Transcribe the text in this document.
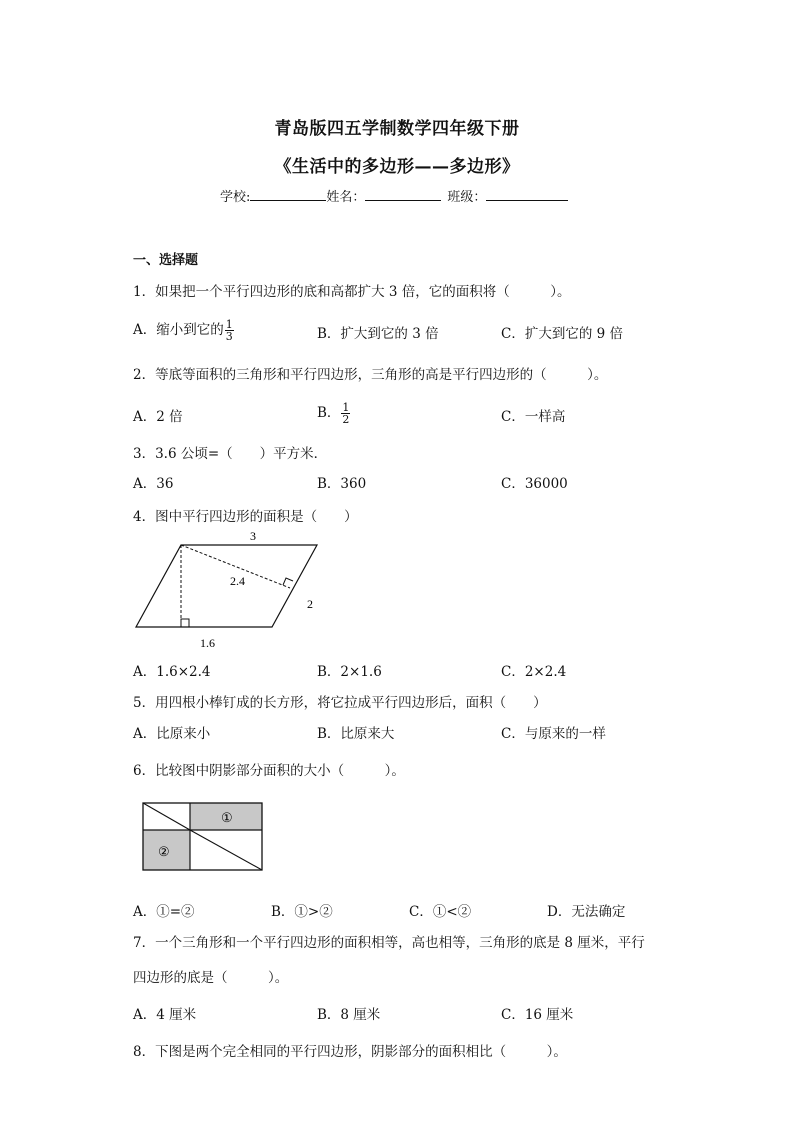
青岛版四五学制数学四年级下册
《生活中的多边形——多边形》
学校:	姓名：	班级：
一、选择题
1．如果把一个平行四边形的底和高都扩大 3 倍，它的面积将（　　　）。
A．缩小到它的 $\frac{1}{3}$	B．扩大到它的 3 倍	C．扩大到它的 9 倍
2．等底等面积的三角形和平行四边形，三角形的高是平行四边形的（　　　）。
A．2 倍	B． $\frac{1}{2}$	C．一样高
3．3.6 公顷=（　　）平方米．
A．36	B．360	C．36000
4．图中平行四边形的面积是（　　）
3
2.4
2
1.6
A．1.6×2.4	B．2×1.6	C．2×2.4
5．用四根小棒钉成的长方形，将它拉成平行四边形后，面积（　　）
A．比原来小	B．比原来大	C．与原来的一样
6．比较图中阴影部分面积的大小（　　　）。
①
②
A．①=②	B．①>②	C．①<②	D．无法确定
7．一个三角形和一个平行四边形的面积相等，高也相等，三角形的底是 8 厘米，平行
四边形的底是（　　　）。
A．4 厘米	B．8 厘米	C．16 厘米
8．下图是两个完全相同的平行四边形，阴影部分的面积相比（　　　）。
